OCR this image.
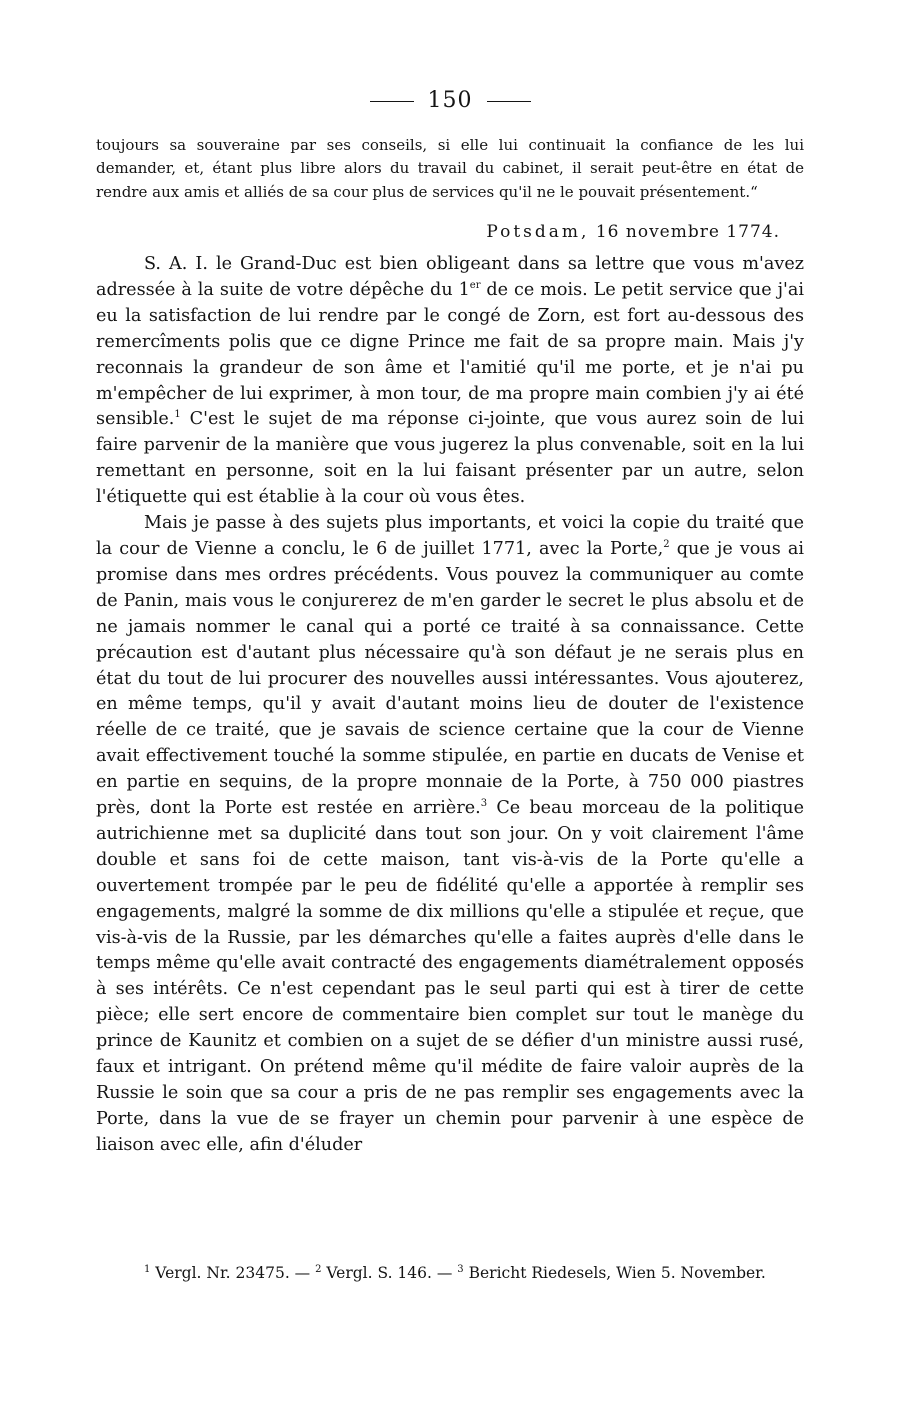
150
toujours sa souveraine par ses conseils, si elle lui continuait la confiance de les lui demander, et, étant plus libre alors du travail du cabinet, il serait peut-être en état de rendre aux amis et alliés de sa cour plus de services qu'il ne le pouvait présentement.“
Potsdam, 16 novembre 1774.

S. A. I. le Grand-Duc est bien obligeant dans sa lettre que vous m'avez adressée à la suite de votre dépêche du 1er de ce mois. Le petit service que j'ai eu la satisfaction de lui rendre par le congé de Zorn, est fort au-dessous des remercîments polis que ce digne Prince me fait de sa propre main. Mais j'y reconnais la grandeur de son âme et l'amitié qu'il me porte, et je n'ai pu m'empêcher de lui exprimer, à mon tour, de ma propre main combien j'y ai été sensible.$^1$ C'est le sujet de ma réponse ci-jointe, que vous aurez soin de lui faire parvenir de la manière que vous jugerez la plus convenable, soit en la lui remettant en personne, soit en la lui faisant présenter par un autre, selon l'étiquette qui est établie à la cour où vous êtes.

Mais je passe à des sujets plus importants, et voici la copie du traité que la cour de Vienne a conclu, le 6 de juillet 1771, avec la Porte,$^2$ que je vous ai promise dans mes ordres précédents. Vous pouvez la communiquer au comte de Panin, mais vous le conjurerez de m'en garder le secret le plus absolu et de ne jamais nommer le canal qui a porté ce traité à sa connaissance. Cette précaution est d'autant plus nécessaire qu'à son défaut je ne serais plus en état du tout de lui procurer des nouvelles aussi intéressantes. Vous ajouterez, en même temps, qu'il y avait d'autant moins lieu de douter de l'existence réelle de ce traité, que je savais de science certaine que la cour de Vienne avait effectivement touché la somme stipulée, en partie en ducats de Venise et en partie en sequins, de la propre monnaie de la Porte, à 750 000 piastres près, dont la Porte est restée en arrière.$^3$ Ce beau morceau de la politique autrichienne met sa duplicité dans tout son jour. On y voit clairement l'âme double et sans foi de cette maison, tant vis-à-vis de la Porte qu'elle a ouvertement trompée par le peu de fidélité qu'elle a apportée à remplir ses engagements, malgré la somme de dix millions qu'elle a stipulée et reçue, que vis-à-vis de la Russie, par les démarches qu'elle a faites auprès d'elle dans le temps même qu'elle avait contracté des engagements diamétralement opposés à ses intérêts. Ce n'est cependant pas le seul parti qui est à tirer de cette pièce; elle sert encore de commentaire bien complet sur tout le manège du prince de Kaunitz et combien on a sujet de se défier d'un ministre aussi rusé, faux et intrigant. On prétend même qu'il médite de faire valoir auprès de la Russie le soin que sa cour a pris de ne pas remplir ses engagements avec la Porte, dans la vue de se frayer un chemin pour parvenir à une espèce de liaison avec elle, afin d'éluder

$^1$ Vergl. Nr. 23475. — $^2$ Vergl. S. 146. — $^3$ Bericht Riedesels, Wien 5. November.
